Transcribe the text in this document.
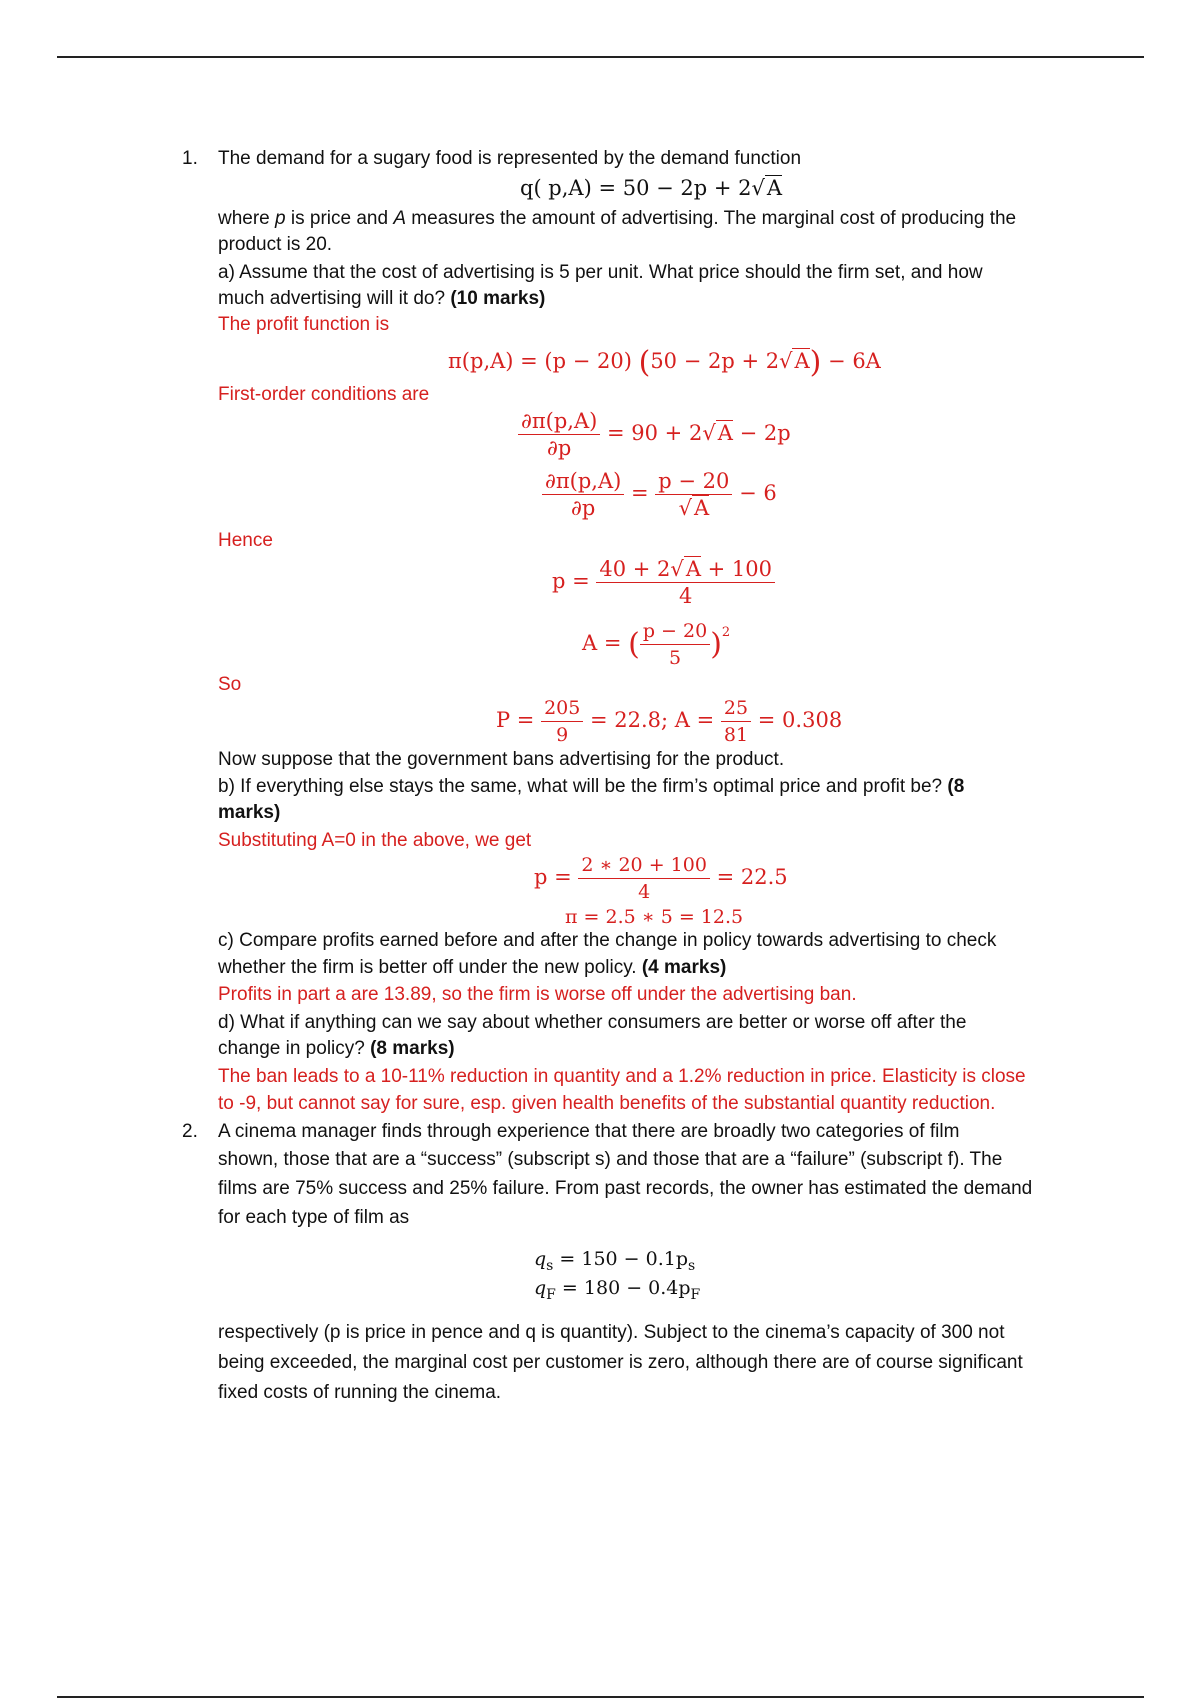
1. The demand for a sugary food is represented by the demand function
q( p,A) = 50 − 2p + 2√A
where p is price and A measures the amount of advertising. The marginal cost of producing the
product is 20.
a) Assume that the cost of advertising is 5 per unit. What price should the firm set, and how
much advertising will it do? (10 marks)
The profit function is
π(p,A) = (p − 20) (50 − 2p + 2√A) − 6A
First-order conditions are
$\frac{\partial\pi(p,A)}{\partial p} = 90 + 2√A - 2p$
$\frac{\partial\pi(p,A)}{\partial p} = \frac{p - 20}{√A} - 6$
Hence
$p = \frac{40 + 2√A + 100}{4}$
A = ( $\frac{p - 20}{5} )^2$
So
$P = \frac{205}{9} = 22.8$; $A = \frac{25}{81} = 0.308$
Now suppose that the government bans advertising for the product.
b) If everything else stays the same, what will be the firm’s optimal price and profit be? (8
marks)
Substituting A=0 in the above, we get
$p = \frac{2 ∗ 20 + 100}{4} = 22.5$
π = 2.5 ∗ 5 = 12.5
c) Compare profits earned before and after the change in policy towards advertising to check
whether the firm is better off under the new policy. (4 marks)
Profits in part a are 13.89, so the firm is worse off under the advertising ban.
d) What if anything can we say about whether consumers are better or worse off after the
change in policy? (8 marks)
The ban leads to a 10-11% reduction in quantity and a 1.2% reduction in price. Elasticity is close
to -9, but cannot say for sure, esp. given health benefits of the substantial quantity reduction.
2. A cinema manager finds through experience that there are broadly two categories of film
shown, those that are a “success” (subscript s) and those that are a “failure” (subscript f). The
films are 75% success and 25% failure. From past records, the owner has estimated the demand
for each type of film as
$q_s = 150 - 0.1p_s$
$q_F = 180 - 0.4p_F$
respectively (p is price in pence and q is quantity). Subject to the cinema’s capacity of 300 not
being exceeded, the marginal cost per customer is zero, although there are of course significant
fixed costs of running the cinema.
